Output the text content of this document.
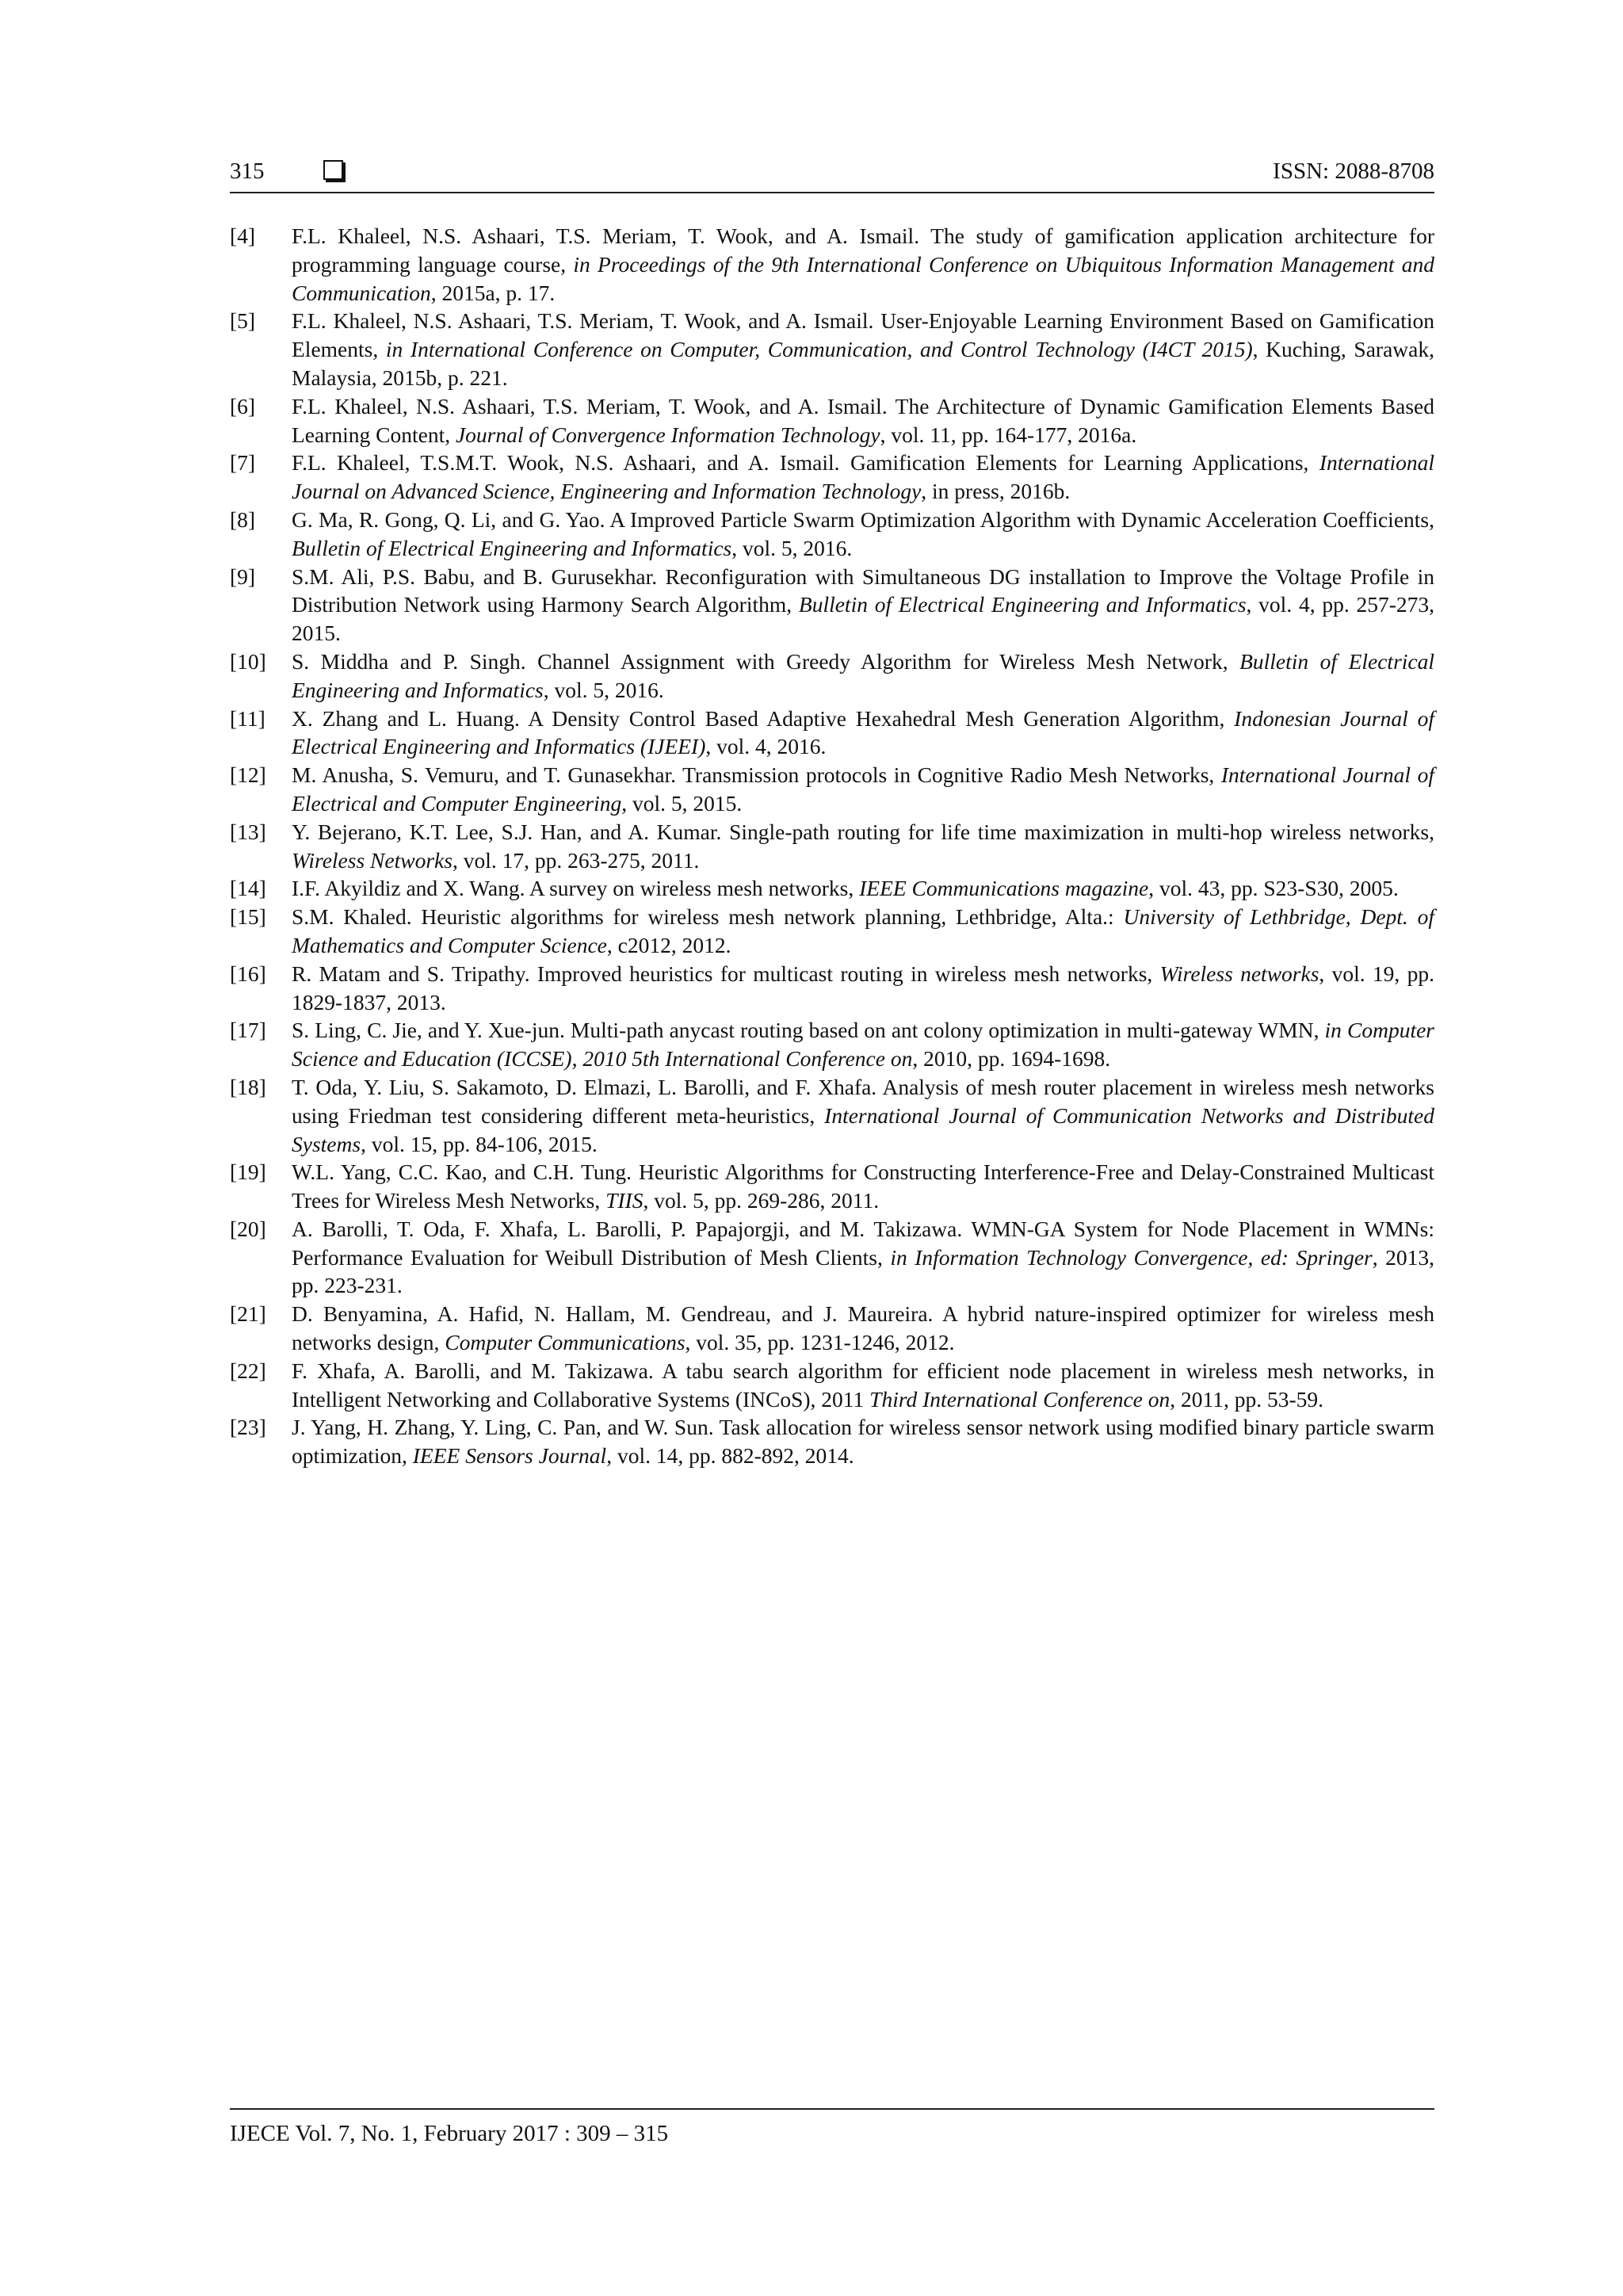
315	ISSN: 2088-8708
[4] F.L. Khaleel, N.S. Ashaari, T.S. Meriam, T. Wook, and A. Ismail. The study of gamification application architecture for programming language course, in Proceedings of the 9th International Conference on Ubiquitous Information Management and Communication, 2015a, p. 17.
[5] F.L. Khaleel, N.S. Ashaari, T.S. Meriam, T. Wook, and A. Ismail. User-Enjoyable Learning Environment Based on Gamification Elements, in International Conference on Computer, Communication, and Control Technology (I4CT 2015), Kuching, Sarawak, Malaysia, 2015b, p. 221.
[6] F.L. Khaleel, N.S. Ashaari, T.S. Meriam, T. Wook, and A. Ismail. The Architecture of Dynamic Gamification Elements Based Learning Content, Journal of Convergence Information Technology, vol. 11, pp. 164-177, 2016a.
[7] F.L. Khaleel, T.S.M.T. Wook, N.S. Ashaari, and A. Ismail. Gamification Elements for Learning Applications, International Journal on Advanced Science, Engineering and Information Technology, in press, 2016b.
[8] G. Ma, R. Gong, Q. Li, and G. Yao. A Improved Particle Swarm Optimization Algorithm with Dynamic Acceleration Coefficients, Bulletin of Electrical Engineering and Informatics, vol. 5, 2016.
[9] S.M. Ali, P.S. Babu, and B. Gurusekhar. Reconfiguration with Simultaneous DG installation to Improve the Voltage Profile in Distribution Network using Harmony Search Algorithm, Bulletin of Electrical Engineering and Informatics, vol. 4, pp. 257-273, 2015.
[10] S. Middha and P. Singh. Channel Assignment with Greedy Algorithm for Wireless Mesh Network, Bulletin of Electrical Engineering and Informatics, vol. 5, 2016.
[11] X. Zhang and L. Huang. A Density Control Based Adaptive Hexahedral Mesh Generation Algorithm, Indonesian Journal of Electrical Engineering and Informatics (IJEEI), vol. 4, 2016.
[12] M. Anusha, S. Vemuru, and T. Gunasekhar. Transmission protocols in Cognitive Radio Mesh Networks, International Journal of Electrical and Computer Engineering, vol. 5, 2015.
[13] Y. Bejerano, K.T. Lee, S.J. Han, and A. Kumar. Single-path routing for life time maximization in multi-hop wireless networks, Wireless Networks, vol. 17, pp. 263-275, 2011.
[14] I.F. Akyildiz and X. Wang. A survey on wireless mesh networks, IEEE Communications magazine, vol. 43, pp. S23-S30, 2005.
[15] S.M. Khaled. Heuristic algorithms for wireless mesh network planning, Lethbridge, Alta.: University of Lethbridge, Dept. of Mathematics and Computer Science, c2012, 2012.
[16] R. Matam and S. Tripathy. Improved heuristics for multicast routing in wireless mesh networks, Wireless networks, vol. 19, pp. 1829-1837, 2013.
[17] S. Ling, C. Jie, and Y. Xue-jun. Multi-path anycast routing based on ant colony optimization in multi-gateway WMN, in Computer Science and Education (ICCSE), 2010 5th International Conference on, 2010, pp. 1694-1698.
[18] T. Oda, Y. Liu, S. Sakamoto, D. Elmazi, L. Barolli, and F. Xhafa. Analysis of mesh router placement in wireless mesh networks using Friedman test considering different meta-heuristics, International Journal of Communication Networks and Distributed Systems, vol. 15, pp. 84-106, 2015.
[19] W.L. Yang, C.C. Kao, and C.H. Tung. Heuristic Algorithms for Constructing Interference-Free and Delay-Constrained Multicast Trees for Wireless Mesh Networks, TIIS, vol. 5, pp. 269-286, 2011.
[20] A. Barolli, T. Oda, F. Xhafa, L. Barolli, P. Papajorgji, and M. Takizawa. WMN-GA System for Node Placement in WMNs: Performance Evaluation for Weibull Distribution of Mesh Clients, in Information Technology Convergence, ed: Springer, 2013, pp. 223-231.
[21] D. Benyamina, A. Hafid, N. Hallam, M. Gendreau, and J. Maureira. A hybrid nature-inspired optimizer for wireless mesh networks design, Computer Communications, vol. 35, pp. 1231-1246, 2012.
[22] F. Xhafa, A. Barolli, and M. Takizawa. A tabu search algorithm for efficient node placement in wireless mesh networks, in Intelligent Networking and Collaborative Systems (INCoS), 2011 Third International Conference on, 2011, pp. 53-59.
[23] J. Yang, H. Zhang, Y. Ling, C. Pan, and W. Sun. Task allocation for wireless sensor network using modified binary particle swarm optimization, IEEE Sensors Journal, vol. 14, pp. 882-892, 2014.
IJECE Vol. 7, No. 1, February 2017 : 309 – 315
